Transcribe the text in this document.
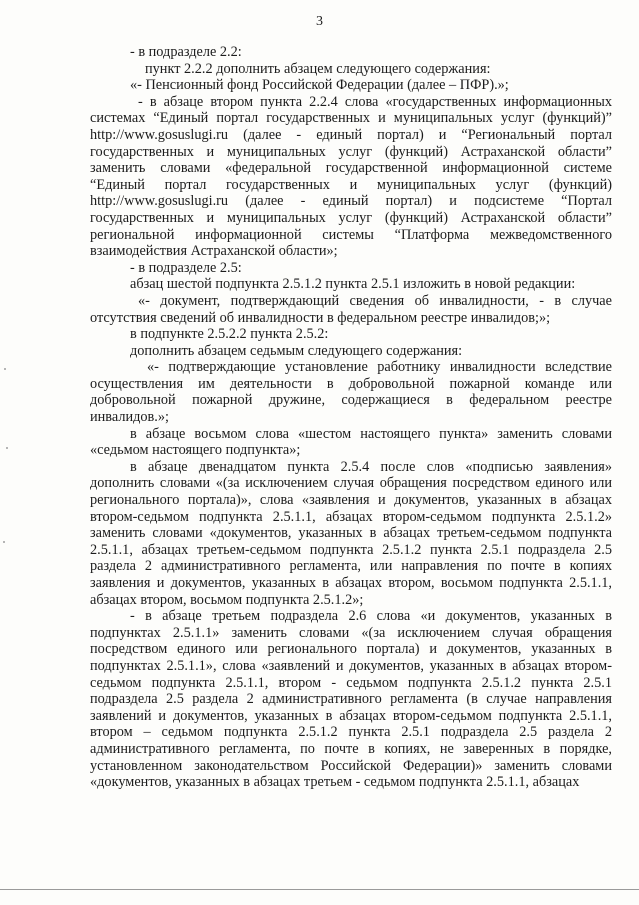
3

- в подразделе 2.2:

пункт 2.2.2 дополнить абзацем следующего содержания:

«- Пенсионный фонд Российской Федерации (далее – ПФР).»;

- в абзаце втором пункта 2.2.4 слова «государственных информационных системах “Единый портал государственных и муниципальных услуг (функций)” http://www.gosuslugi.ru (далее - единый портал) и “Региональный портал государственных и муниципальных услуг (функций) Астраханской области” заменить словами «федеральной государственной информационной системе “Единый портал государственных и муниципальных услуг (функций) http://www.gosuslugi.ru (далее - единый портал) и подсистеме “Портал государственных и муниципальных услуг (функций) Астраханской области” региональной информационной системы “Платформа межведомственного взаимодействия Астраханской области»;

- в подразделе 2.5:

абзац шестой подпункта 2.5.1.2 пункта 2.5.1 изложить в новой редакции:

«- документ, подтверждающий сведения об инвалидности, - в случае отсутствия сведений об инвалидности в федеральном реестре инвалидов;»;

в подпункте 2.5.2.2 пункта 2.5.2:

дополнить абзацем седьмым следующего содержания:

«- подтверждающие установление работнику инвалидности вследствие осуществления им деятельности в добровольной пожарной команде или добровольной пожарной дружине, содержащиеся в федеральном реестре инвалидов.»;

в абзаце восьмом слова «шестом настоящего пункта» заменить словами «седьмом настоящего подпункта»;

в абзаце двенадцатом пункта 2.5.4 после слов «подписью заявления» дополнить словами «(за исключением случая обращения посредством единого или регионального портала)», слова «заявления и документов, указанных в абзацах втором-седьмом подпункта 2.5.1.1, абзацах втором-седьмом подпункта 2.5.1.2» заменить словами «документов, указанных в абзацах третьем-седьмом подпункта 2.5.1.1, абзацах третьем-седьмом подпункта 2.5.1.2 пункта 2.5.1 подраздела 2.5 раздела 2 административного регламента, или направления по почте в копиях заявления и документов, указанных в абзацах втором, восьмом подпункта 2.5.1.1, абзацах втором, восьмом подпункта 2.5.1.2»;

- в абзаце третьем подраздела 2.6 слова «и документов, указанных в подпунктах 2.5.1.1» заменить словами «(за исключением случая обращения посредством единого или регионального портала) и документов, указанных в подпунктах 2.5.1.1», слова «заявлений и документов, указанных в абзацах втором-седьмом подпункта 2.5.1.1, втором - седьмом подпункта 2.5.1.2 пункта 2.5.1 подраздела 2.5 раздела 2 административного регламента (в случае направления заявлений и документов, указанных в абзацах втором-седьмом подпункта 2.5.1.1, втором – седьмом подпункта 2.5.1.2 пункта 2.5.1 подраздела 2.5 раздела 2 административного регламента, по почте в копиях, не заверенных в порядке, установленном законодательством Российской Федерации)» заменить словами «документов, указанных в абзацах третьем - седьмом подпункта 2.5.1.1, абзацах
